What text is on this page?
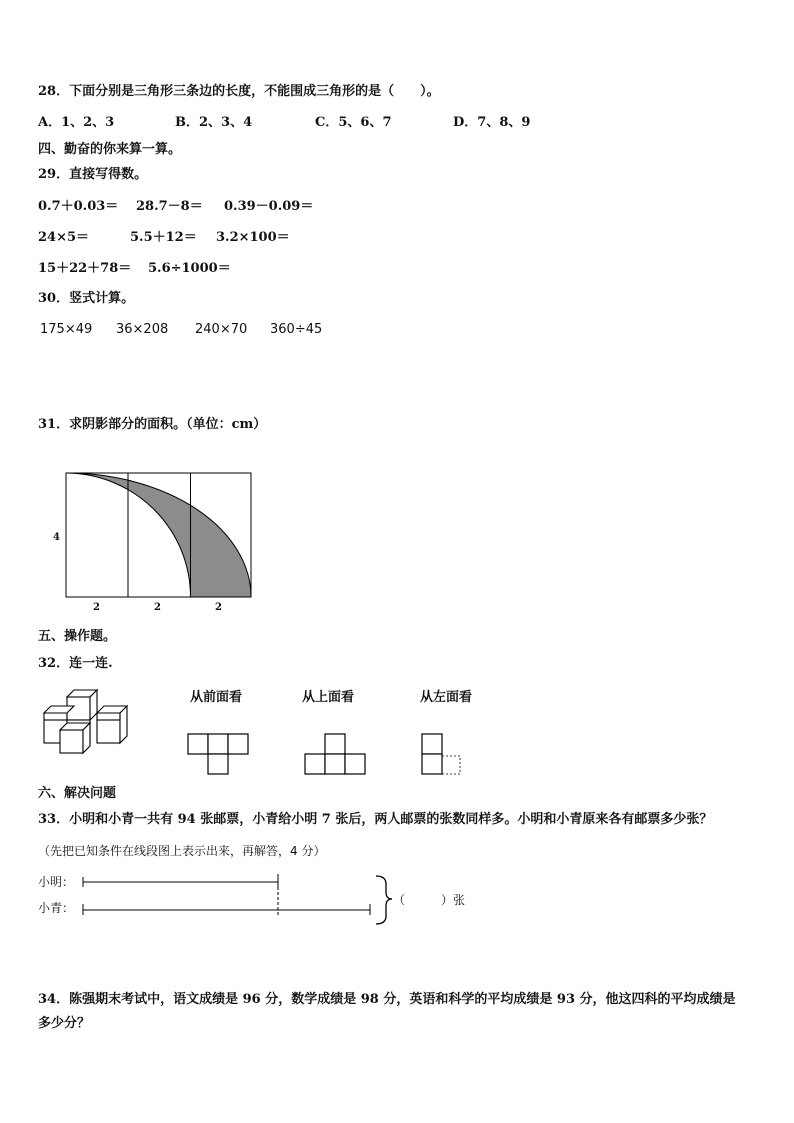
28．下面分别是三角形三条边的长度，不能围成三角形的是（　　）。
A．1、2、3	B．2、3、4	C．5、6、7	D．7、8、9
四、勤奋的你来算一算。
29．直接写得数。
0.7＋0.03＝ 28.7－8＝ 0.39－0.09＝
24×5＝	5.5＋12＝ 3.2×100＝
15＋22＋78＝ 5.6÷1000＝
30．竖式计算。
175×49 36×208 240×70 360÷45
31．求阴影部分的面积。（单位：cm）
4
2	2	2
五、操作题。
32．连一连.
从前面看	从上面看	从左面看
六、解决问题
33．小明和小青一共有 94 张邮票，小青给小明 7 张后，两人邮票的张数同样多。小明和小青原来各有邮票多少张？
（先把已知条件在线段图上表示出来，再解答，4 分）
小明：
小青：
（　　　）张
34．陈强期末考试中，语文成绩是 96 分，数学成绩是 98 分，英语和科学的平均成绩是 93 分，他这四科的平均成绩是
多少分？
